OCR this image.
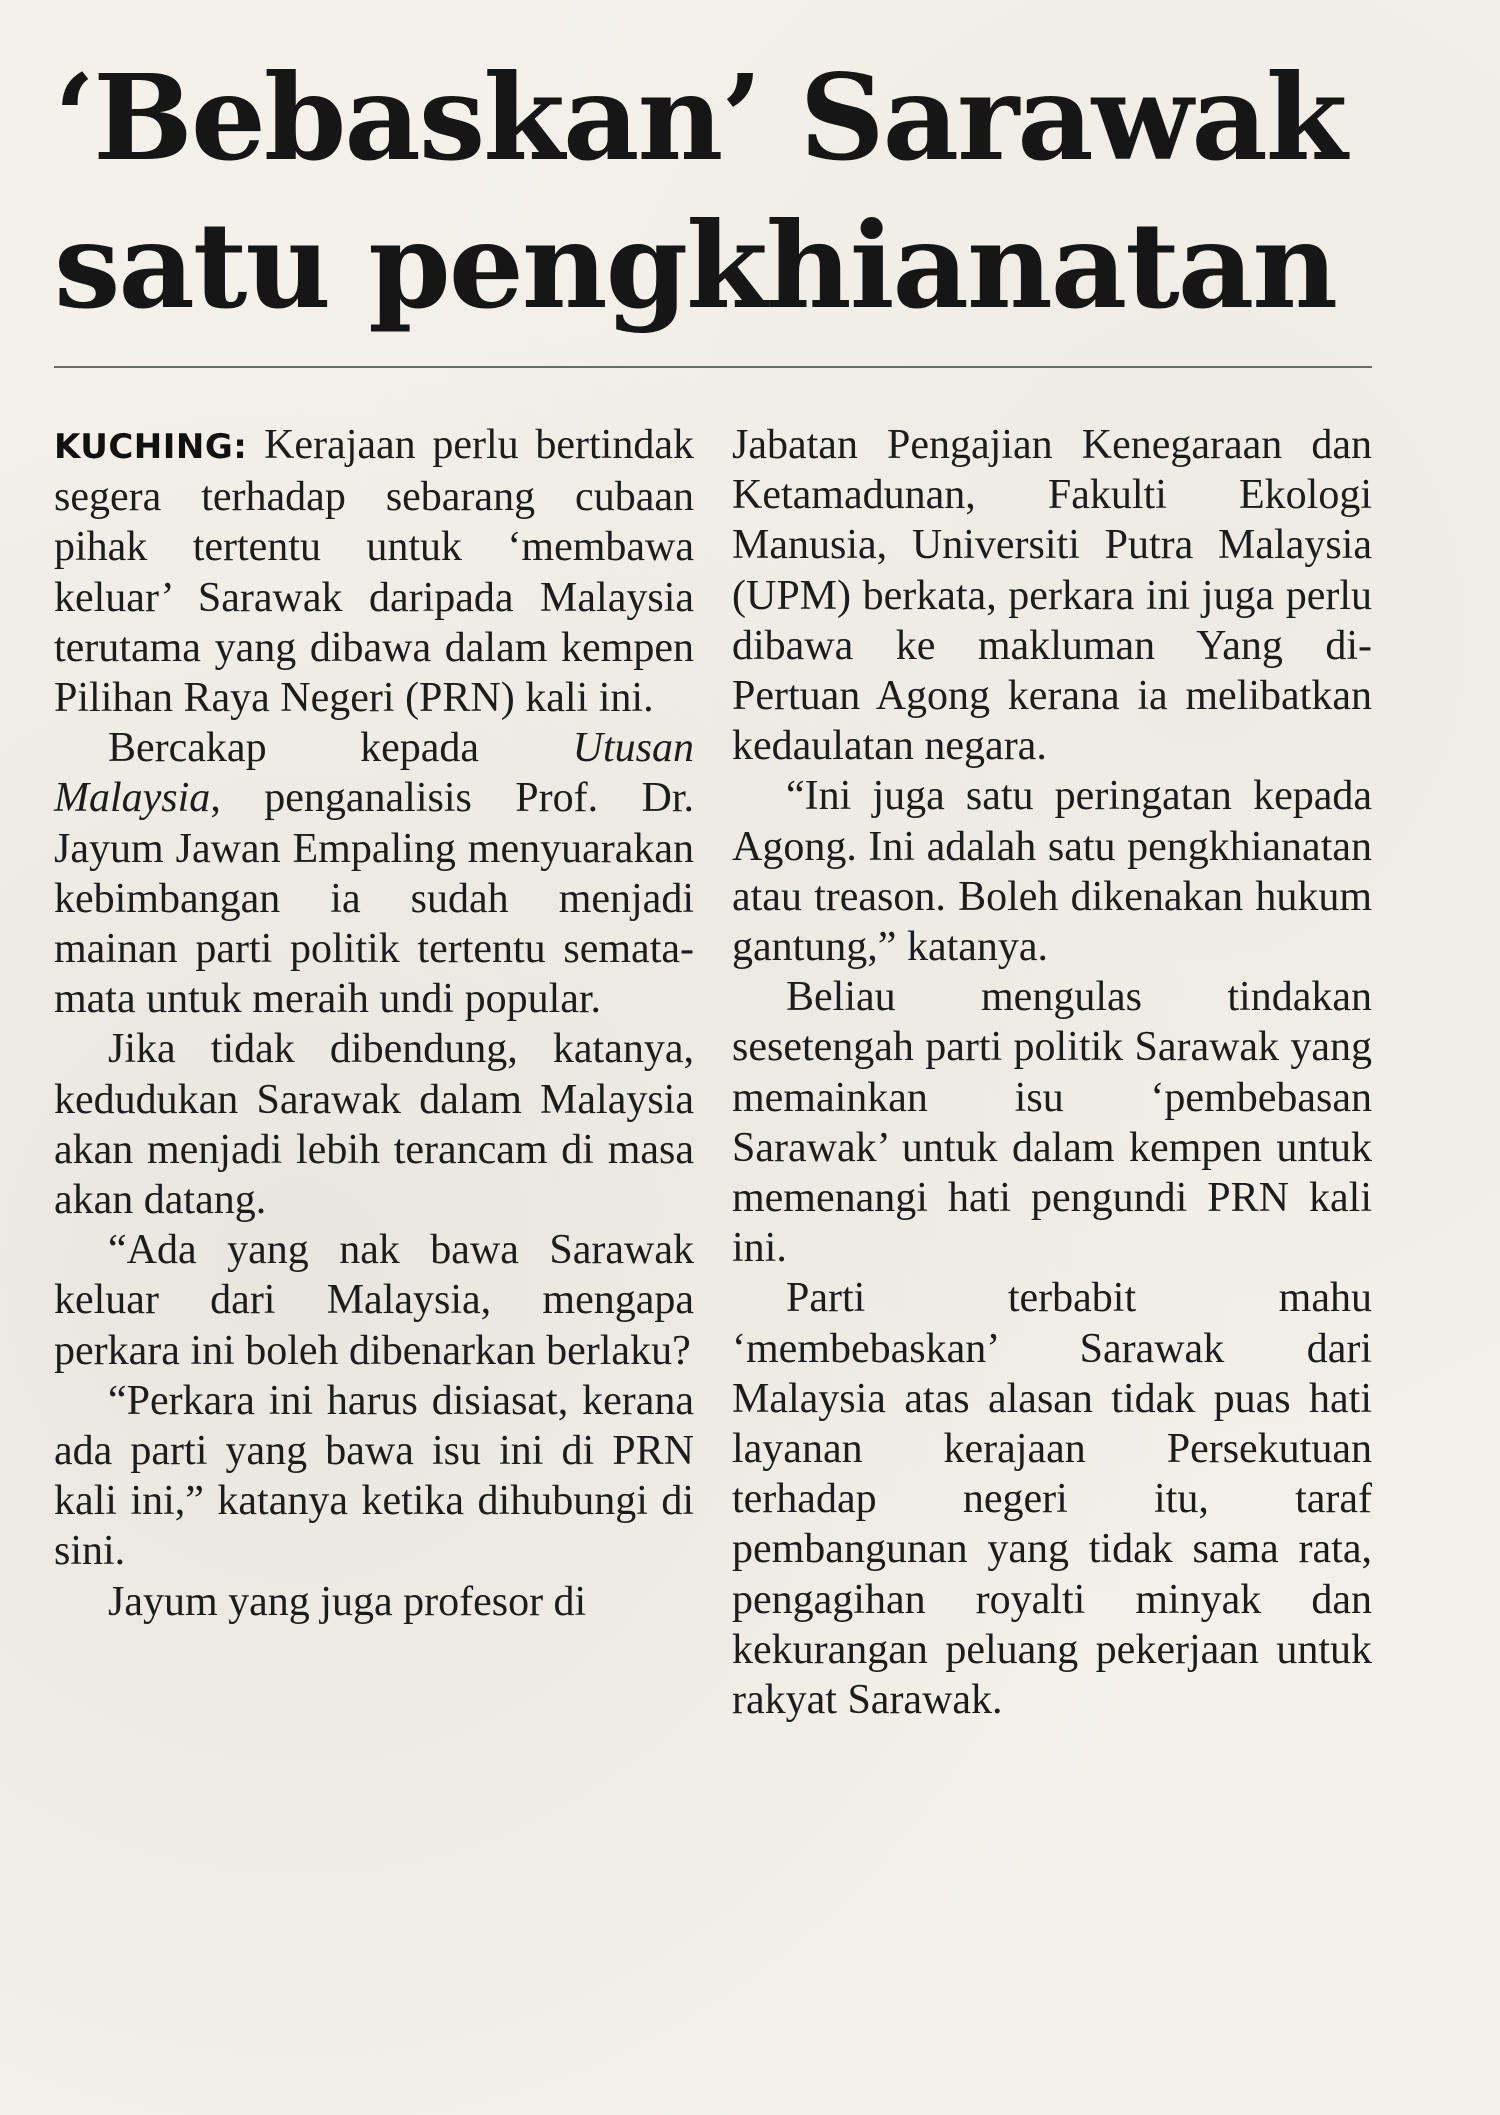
‘Bebaskan’ Sarawak
satu pengkhianatan

KUCHING: Kerajaan perlu bertindak segera terhadap sebarang cubaan pihak tertentu untuk ‘membawa keluar’ Sarawak daripada Malaysia terutama yang dibawa dalam kempen Pilihan Raya Negeri (PRN) kali ini.

Bercakap kepada Utusan Malaysia, penganalisis Prof. Dr. Jayum Jawan Empaling menyuarakan kebimbangan ia sudah menjadi mainan parti politik tertentu semata-mata untuk meraih undi popular.

Jika tidak dibendung, katanya, kedudukan Sarawak dalam Malaysia akan menjadi lebih terancam di masa akan datang.

“Ada yang nak bawa Sarawak keluar dari Malaysia, mengapa perkara ini boleh dibenarkan berlaku?

“Perkara ini harus disiasat, kerana ada parti yang bawa isu ini di PRN kali ini,” katanya ketika dihubungi di sini.

Jayum yang juga profesor di

Jabatan Pengajian Kenegaraan dan Ketamadunan, Fakulti Ekologi Manusia, Universiti Putra Malaysia (UPM) berkata, perkara ini juga perlu dibawa ke makluman Yang di-Pertuan Agong kerana ia melibatkan kedaulatan negara.

“Ini juga satu peringatan kepada Agong. Ini adalah satu pengkhianatan atau treason. Boleh dikenakan hukum gantung,” katanya.

Beliau mengulas tindakan sesetengah parti politik Sarawak yang memainkan isu ‘pembebasan Sarawak’ untuk dalam kempen untuk memenangi hati pengundi PRN kali ini.

Parti terbabit mahu ‘membebaskan’ Sarawak dari Malaysia atas alasan tidak puas hati layanan kerajaan Persekutuan terhadap negeri itu, taraf pembangunan yang tidak sama rata, pengagihan royalti minyak dan kekurangan peluang pekerjaan untuk rakyat Sarawak.
